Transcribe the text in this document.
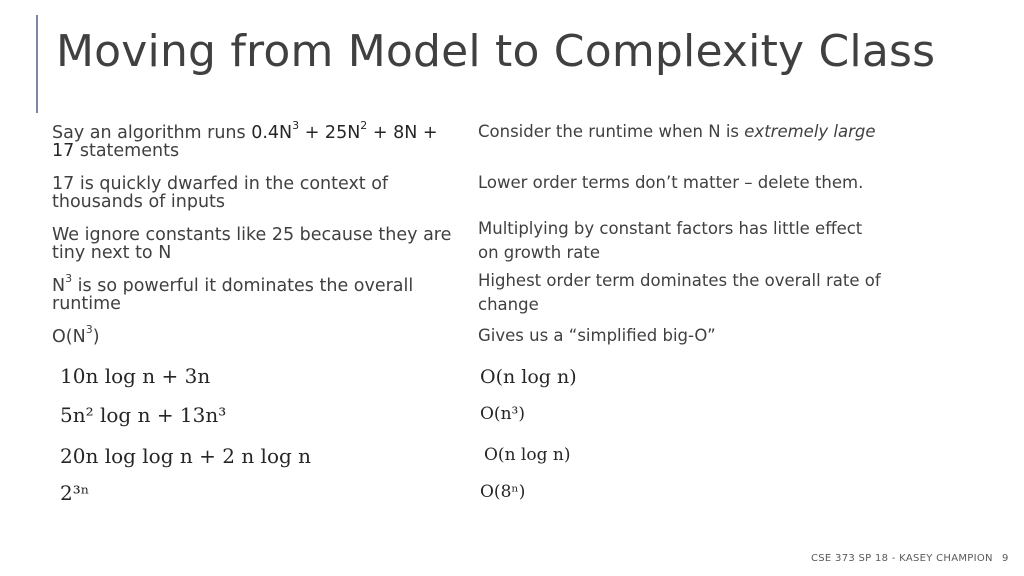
Moving from Model to Complexity Class
Say an algorithm runs $0.4N^3 + 25N^2 + 8N + 17$ statements
17 is quickly dwarfed in the context of thousands of inputs
We ignore constants like 25 because they are tiny next to N
$N^3$ is so powerful it dominates the overall runtime
$O(N^3)$
Consider the runtime when N is extremely large
Lower order terms don’t matter – delete them.
Multiplying by constant factors has little effect on growth rate
Highest order term dominates the overall rate of change
Gives us a “simplified big-O”
10n log n + 3n
5n² log n + 13n³
20n log log n + 2 n log n
2³ⁿ
O(n log n)
O(n³)
O(n log n)
O(8ⁿ)
CSE 373 SP 18 - KASEY CHAMPION 9
